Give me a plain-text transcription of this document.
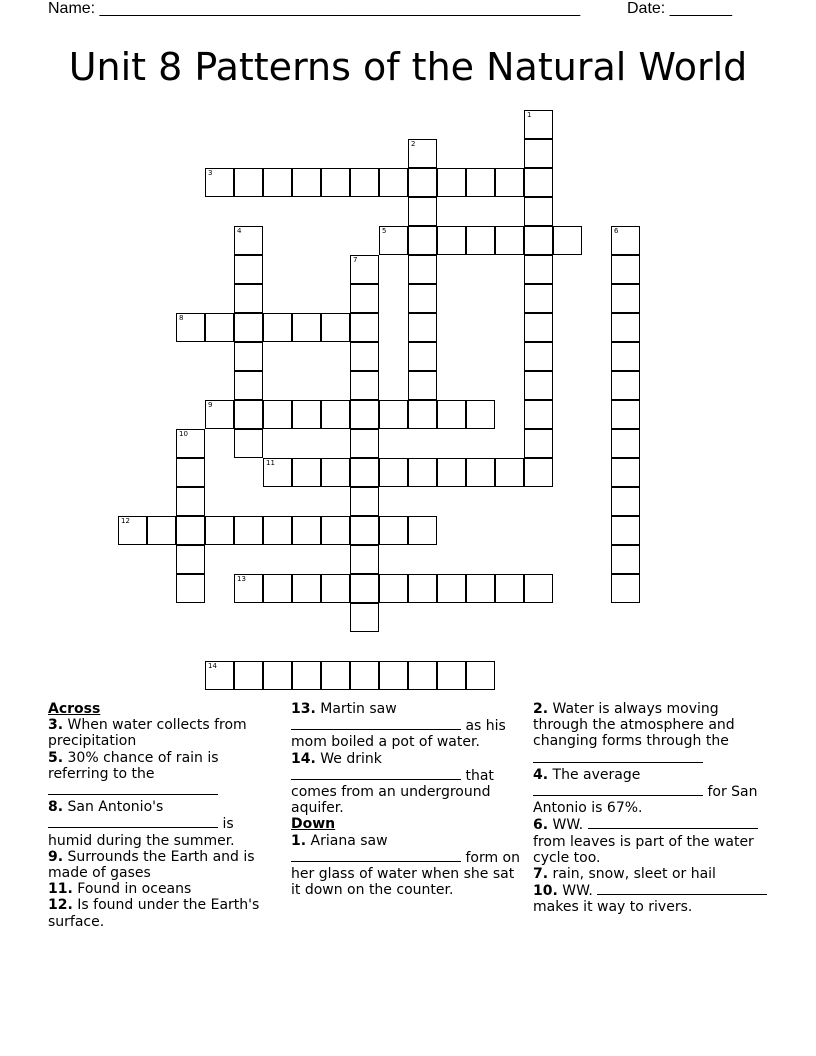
Name: ______________________________________________________	Date: _______
Unit 8 Patterns of the Natural World
1
2
3
4	5	6
7
8
9
10
11
12
13
14
Across
3. When water collects from precipitation
5. 30% chance of rain is referring to the
8. San Antonio's  is humid during the summer.
9. Surrounds the Earth and is made of gases
11. Found in oceans
12. Is found under the Earth's surface.
13. Martin saw  as his mom boiled a pot of water.
14. We drink  that comes from an underground aquifer.
Down
1. Ariana saw  form on her glass of water when she sat it down on the counter.
2. Water is always moving through the atmosphere and changing forms through the
4. The average  for San Antonio is 67%.
6. WW.  from leaves is part of the water cycle too.
7. rain, snow, sleet or hail
10. WW.  makes it way to rivers.
